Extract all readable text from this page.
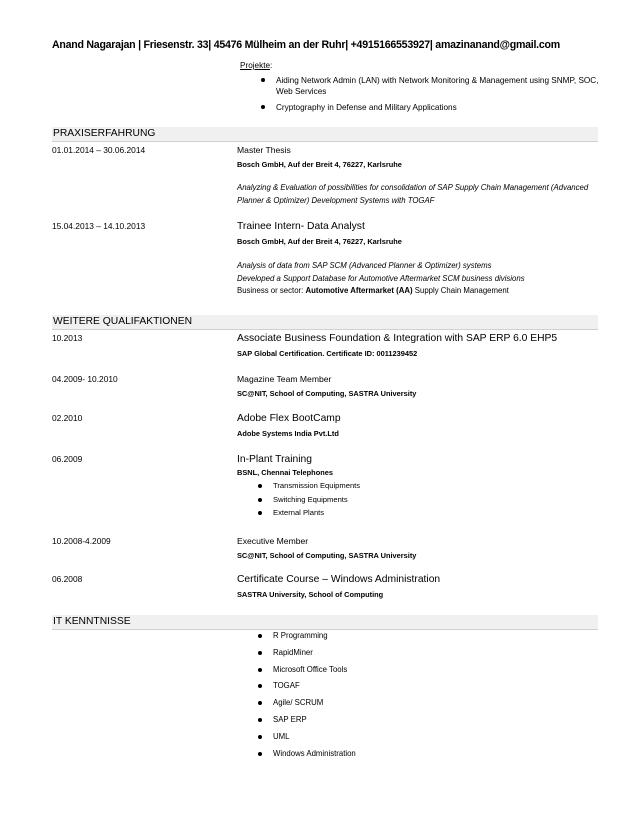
Anand Nagarajan | Friesenstr. 33| 45476 Mülheim an der Ruhr| +4915166553927| amazinanand@gmail.com
Projekte:
Aiding Network Admin (LAN) with Network Monitoring & Management using SNMP, SOC, Web Services
Cryptography in Defense and Military Applications
PRAXISERFAHRUNG
01.01.2014 – 30.06.2014	Master Thesis
Bosch GmbH, Auf der Breit 4, 76227, Karlsruhe
Analyzing & Evaluation of possibilities for consolidation of SAP Supply Chain Management (Advanced Planner & Optimizer) Development Systems with TOGAF
15.04.2013 – 14.10.2013	Trainee Intern- Data Analyst
Bosch GmbH, Auf der Breit 4, 76227, Karlsruhe
Analysis of data from SAP SCM (Advanced Planner & Optimizer) systems
Developed a Support Database for Automotive Aftermarket SCM business divisions
Business or sector: Automotive Aftermarket (AA) Supply Chain Management
WEITERE QUALIFAKTIONEN
10.2013	Associate Business Foundation & Integration with SAP ERP 6.0 EHP5
SAP Global Certification. Certificate ID: 0011239452
04.2009- 10.2010	Magazine Team Member
SC@NIT, School of Computing, SASTRA University
02.2010	Adobe Flex BootCamp
Adobe Systems India Pvt.Ltd
06.2009	In-Plant Training
BSNL, Chennai Telephones
Transmission Equipments
Switching Equipments
External Plants
10.2008-4.2009	Executive Member
SC@NIT, School of Computing, SASTRA University
06.2008	Certificate Course – Windows Administration
SASTRA University, School of Computing
IT KENNTNISSE
R Programming
RapidMiner
Microsoft Office Tools
TOGAF
Agile/ SCRUM
SAP ERP
UML
Windows Administration
